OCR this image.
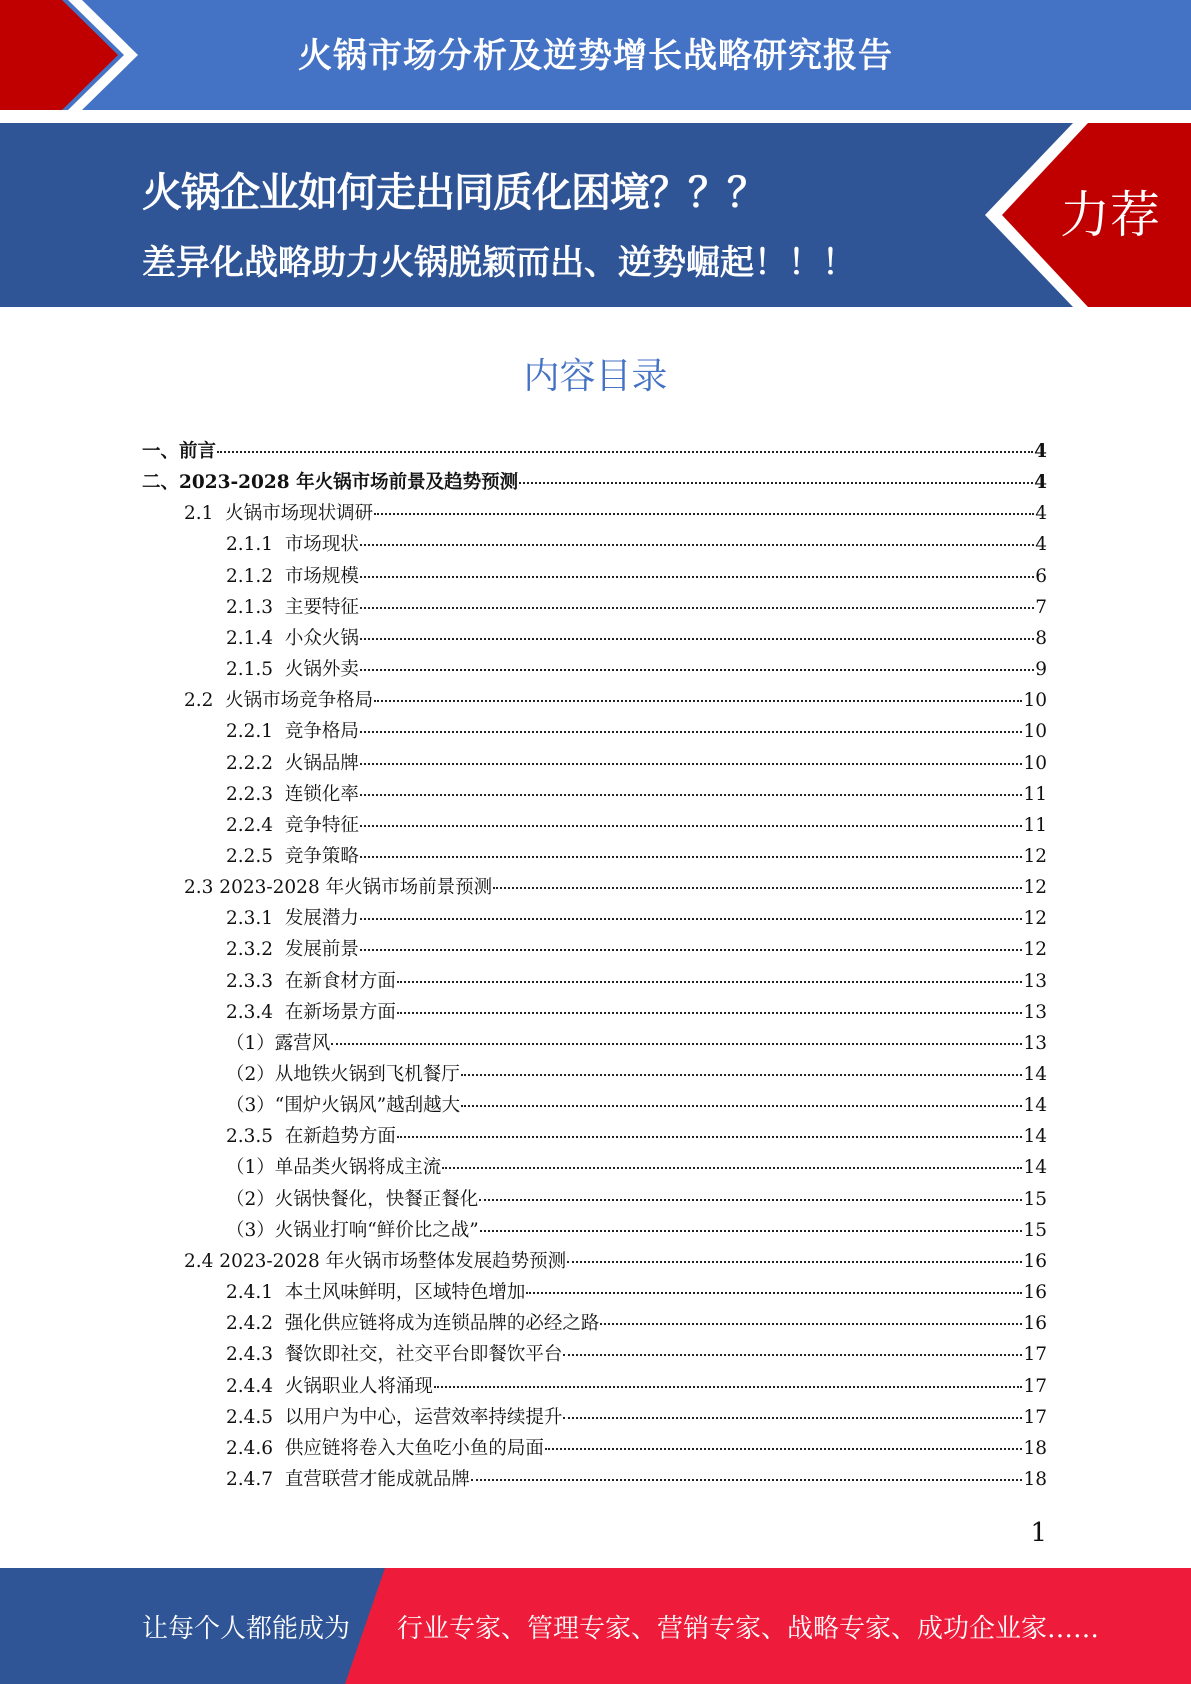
火锅市场分析及逆势增长战略研究报告
火锅企业如何走出同质化困境？？？
差异化战略助力火锅脱颖而出、逆势崛起！！！
力荐
内容目录
一、前言	4
二、2023-2028 年火锅市场前景及趋势预测	4
2.1  火锅市场现状调研	4
2.1.1  市场现状	4
2.1.2  市场规模	6
2.1.3  主要特征	7
2.1.4  小众火锅	8
2.1.5  火锅外卖	9
2.2  火锅市场竞争格局	10
2.2.1  竞争格局	10
2.2.2  火锅品牌	10
2.2.3  连锁化率	11
2.2.4  竞争特征	11
2.2.5  竞争策略	12
2.3 2023-2028 年火锅市场前景预测	12
2.3.1  发展潜力	12
2.3.2  发展前景	12
2.3.3  在新食材方面	13
2.3.4  在新场景方面	13
（1）露营风	13
（2）从地铁火锅到飞机餐厅	14
（3）“围炉火锅风”越刮越大	14
2.3.5  在新趋势方面	14
（1）单品类火锅将成主流	14
（2）火锅快餐化，快餐正餐化	15
（3）火锅业打响“鲜价比之战”	15
2.4 2023-2028 年火锅市场整体发展趋势预测	16
2.4.1  本土风味鲜明，区域特色增加	16
2.4.2  强化供应链将成为连锁品牌的必经之路	16
2.4.3  餐饮即社交，社交平台即餐饮平台	17
2.4.4  火锅职业人将涌现	17
2.4.5  以用户为中心，运营效率持续提升	17
2.4.6  供应链将卷入大鱼吃小鱼的局面	18
2.4.7  直营联营才能成就品牌	18
1
让每个人都能成为 行业专家、管理专家、营销专家、战略专家、成功企业家……
